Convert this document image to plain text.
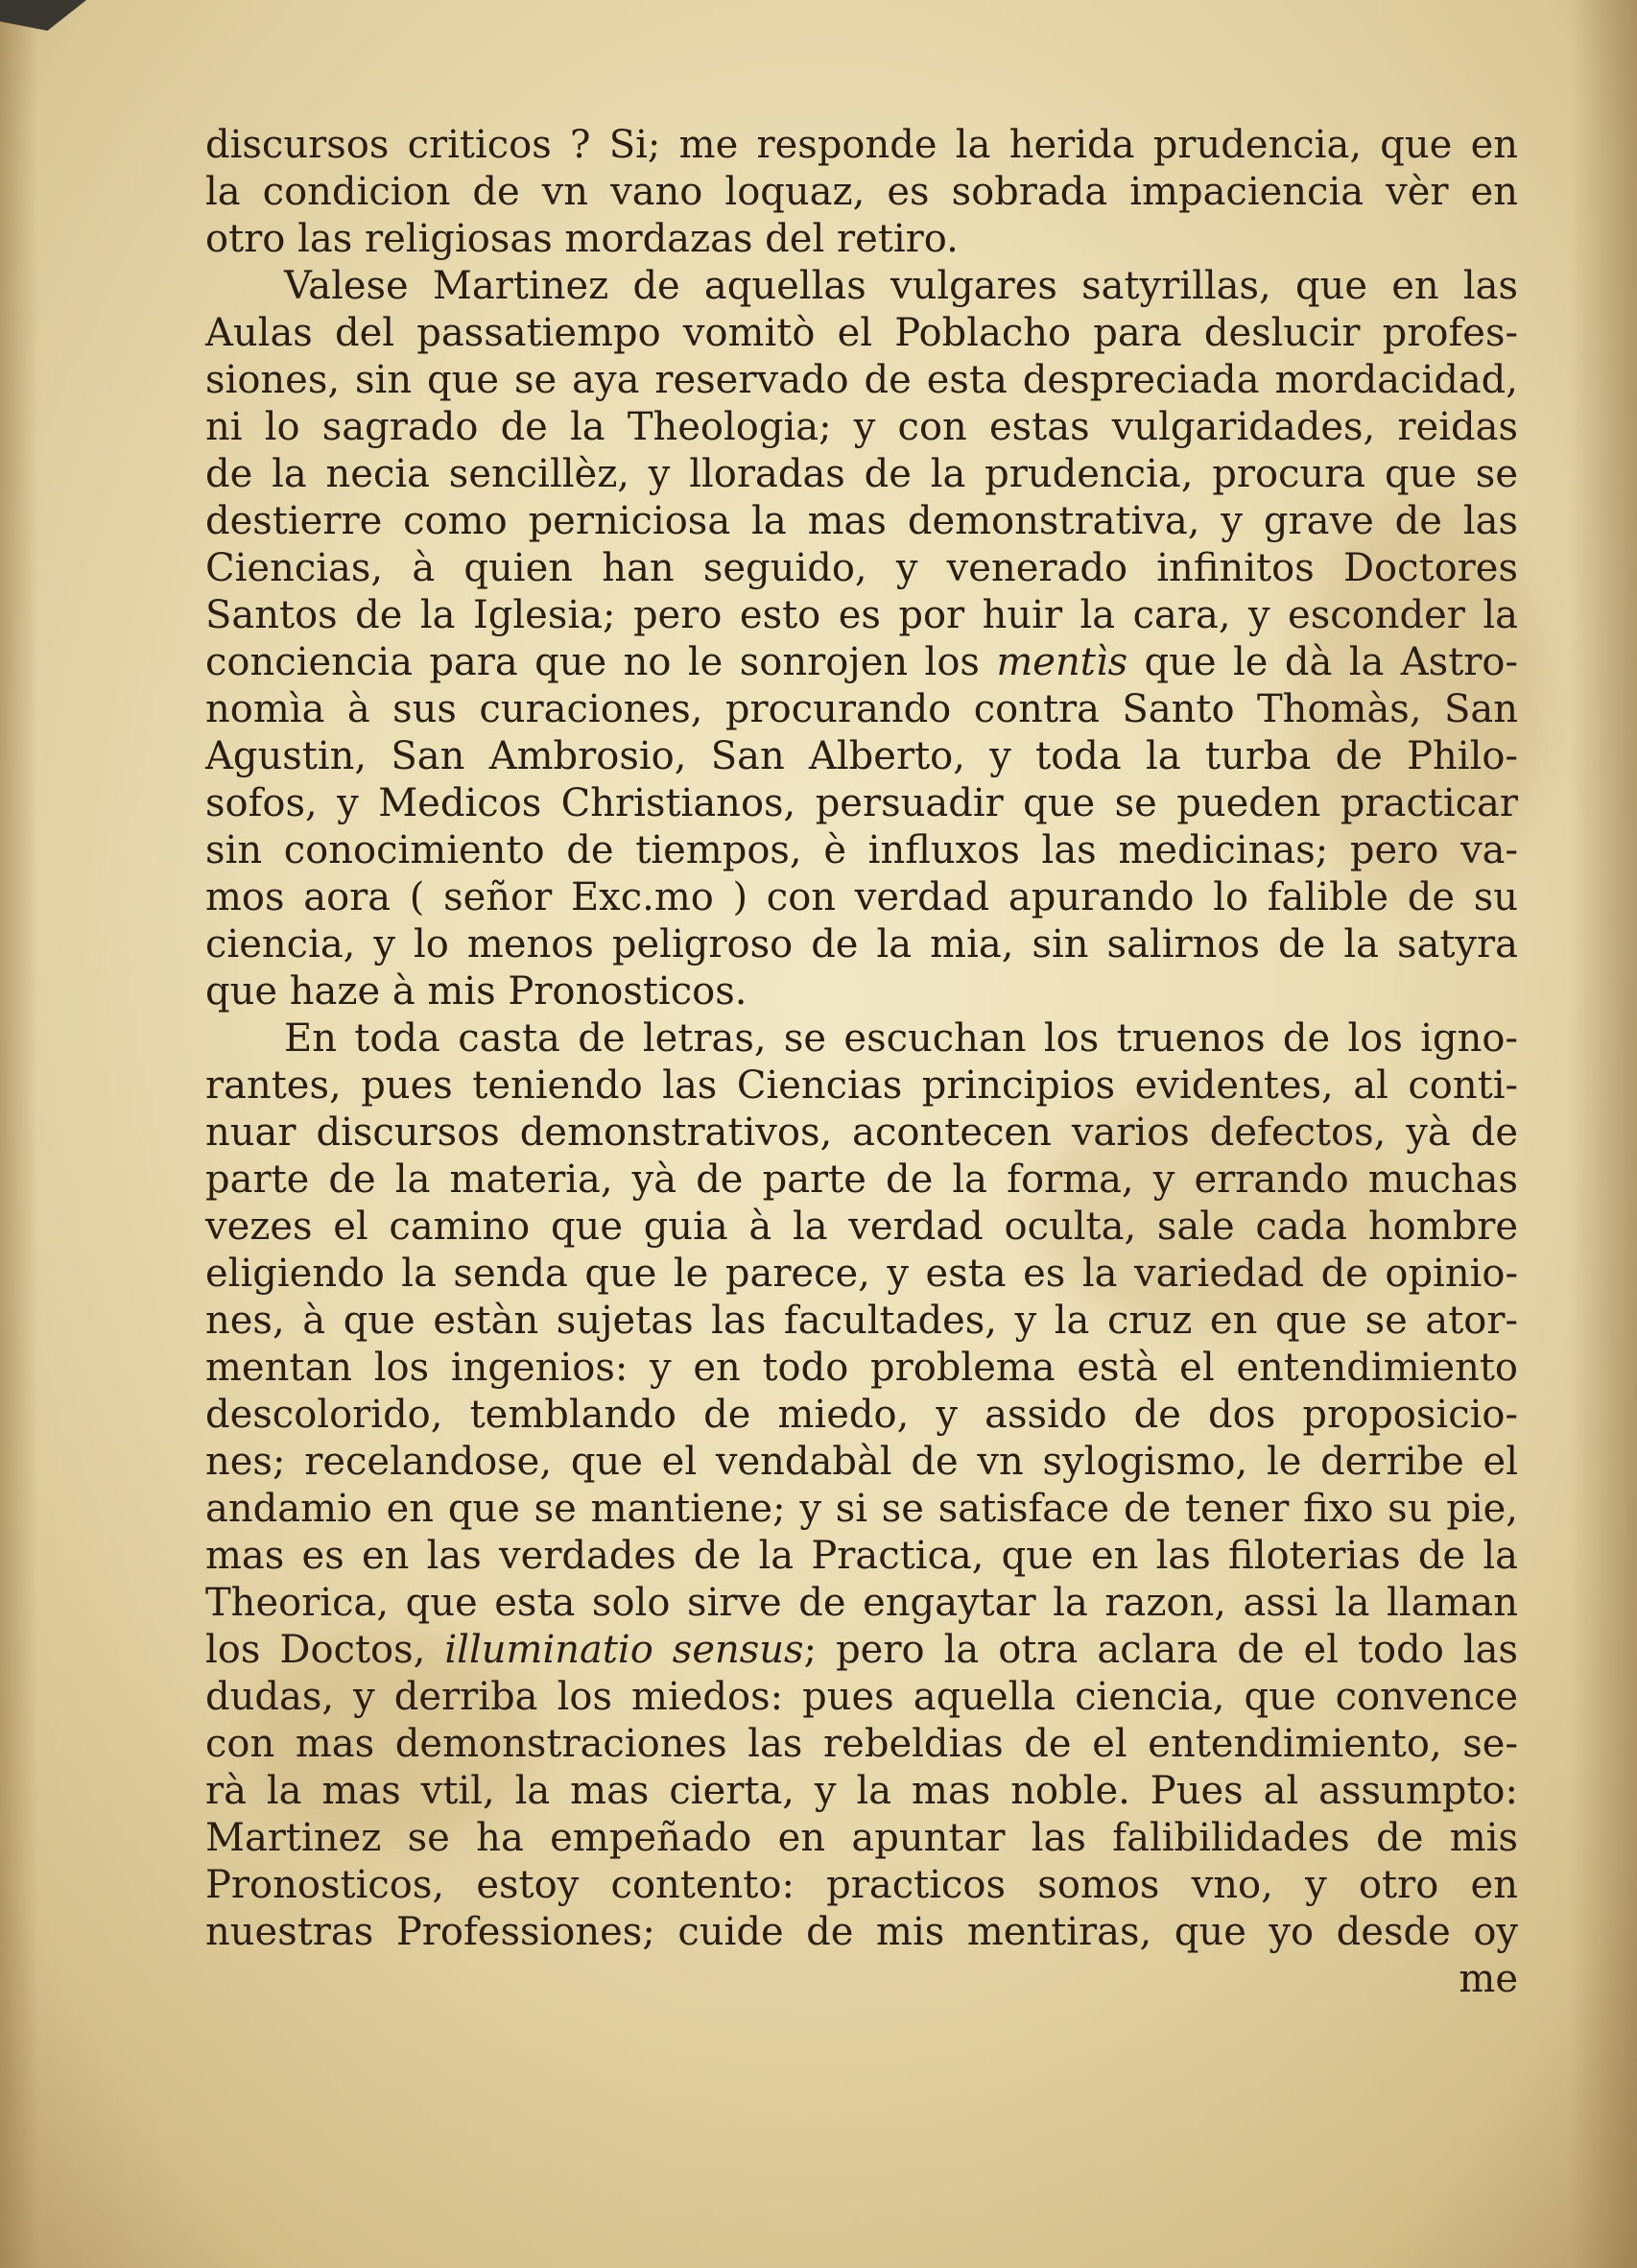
discursos criticos ? Si; me responde la herida prudencia, que en
la condicion de vn vano loquaz, es sobrada impaciencia vèr en
otro las religiosas mordazas del retiro.
Valese Martinez de aquellas vulgares satyrillas, que en las
Aulas del passatiempo vomitò el Poblacho para deslucir profes-
siones, sin que se aya reservado de esta despreciada mordacidad,
ni lo sagrado de la Theologia; y con estas vulgaridades, reidas
de la necia sencillèz, y lloradas de la prudencia, procura que se
destierre como perniciosa la mas demonstrativa, y grave de las
Ciencias, à quien han seguido, y venerado infinitos Doctores
Santos de la Iglesia; pero esto es por huir la cara, y esconder la
conciencia para que no le sonrojen los mentìs que le dà la Astro-
nomìa à sus curaciones, procurando contra Santo Thomàs, San
Agustin, San Ambrosio, San Alberto, y toda la turba de Philo-
sofos, y Medicos Christianos, persuadir que se pueden practicar
sin conocimiento de tiempos, è influxos las medicinas; pero va-
mos aora ( señor Exc.mo ) con verdad apurando lo falible de su
ciencia, y lo menos peligroso de la mia, sin salirnos de la satyra
que haze à mis Pronosticos.
En toda casta de letras, se escuchan los truenos de los igno-
rantes, pues teniendo las Ciencias principios evidentes, al conti-
nuar discursos demonstrativos, acontecen varios defectos, yà de
parte de la materia, yà de parte de la forma, y errando muchas
vezes el camino que guia à la verdad oculta, sale cada hombre
eligiendo la senda que le parece, y esta es la variedad de opinio-
nes, à que estàn sujetas las facultades, y la cruz en que se ator-
mentan los ingenios: y en todo problema està el entendimiento
descolorido, temblando de miedo, y assido de dos proposicio-
nes; recelandose, que el vendabàl de vn sylogismo, le derribe el
andamio en que se mantiene; y si se satisface de tener fixo su pie,
mas es en las verdades de la Practica, que en las filoterias de la
Theorica, que esta solo sirve de engaytar la razon, assi la llaman
los Doctos, illuminatio sensus; pero la otra aclara de el todo las
dudas, y derriba los miedos: pues aquella ciencia, que convence
con mas demonstraciones las rebeldias de el entendimiento, se-
rà la mas vtil, la mas cierta, y la mas noble. Pues al assumpto:
Martinez se ha empeñado en apuntar las falibilidades de mis
Pronosticos, estoy contento: practicos somos vno, y otro en
nuestras Professiones; cuide de mis mentiras, que yo desde oy
me
